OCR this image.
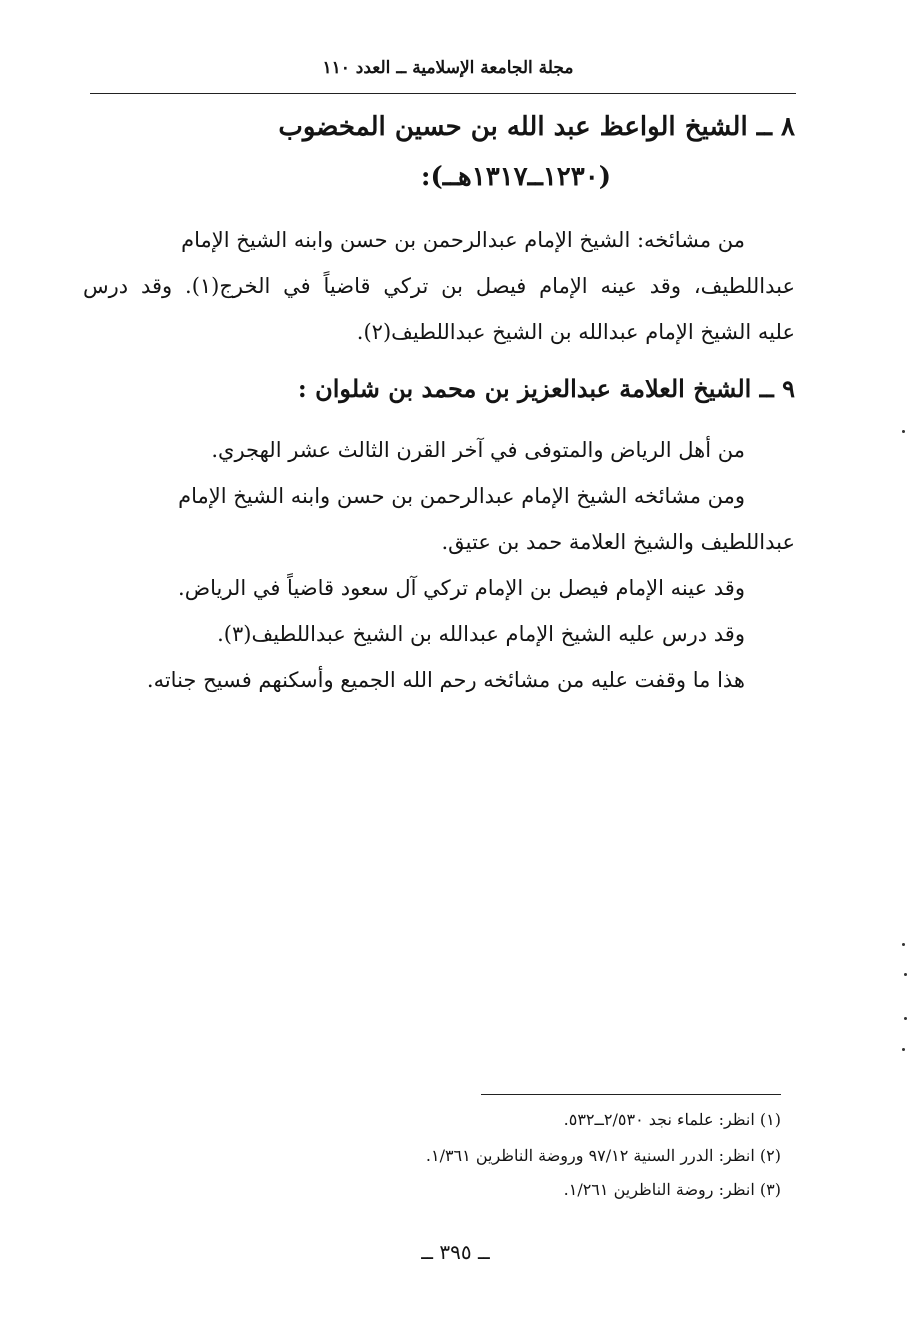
مجلة الجامعة الإسلامية ــ العدد ١١٠
٨ ــ الشيخ الواعظ عبد الله بن حسين المخضوب
(١٢٣٠ــ١٣١٧هــ):
من مشائخه: الشيخ الإمام عبدالرحمن بن حسن وابنه الشيخ الإمام
عبداللطيف، وقد عينه الإمام فيصل بن تركي قاضياً في الخرج(١). وقد درس
عليه الشيخ الإمام عبدالله بن الشيخ عبداللطيف(٢).
٩ ــ الشيخ العلامة عبدالعزيز بن محمد بن شلوان :
من أهل الرياض والمتوفى في آخر القرن الثالث عشر الهجري.
ومن مشائخه الشيخ الإمام عبدالرحمن بن حسن وابنه الشيخ الإمام
عبداللطيف والشيخ العلامة حمد بن عتيق.
وقد عينه الإمام فيصل بن الإمام تركي آل سعود قاضياً في الرياض.
وقد درس عليه الشيخ الإمام عبدالله بن الشيخ عبداللطيف(٣).
هذا ما وقفت عليه من مشائخه رحم الله الجميع وأسكنهم فسيح جناته.
(١) انظر: علماء نجد ٢/٥٣٠ــ٥٣٢.
(٢) انظر: الدرر السنية ٩٧/١٢ وروضة الناظرين ١/٣٦١.
(٣) انظر: روضة الناظرين ١/٢٦١.
ــ ٣٩٥ ــ
